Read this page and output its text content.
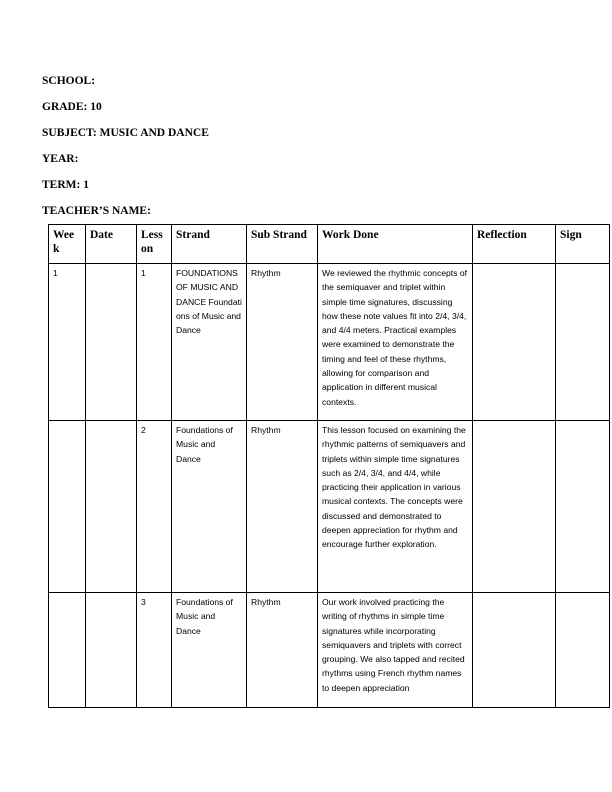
SCHOOL:
GRADE: 10
SUBJECT: MUSIC AND DANCE
YEAR:
TERM: 1
TEACHER’S NAME:
Wee k	Date	Less on	Strand	Sub Strand	Work Done	Reflection	Sign
1		1	FOUNDATIONS OF MUSIC AND DANCE Foundations of Music and Dance	Rhythm	We reviewed the rhythmic concepts of the semiquaver and triplet within simple time signatures, discussing how these note values fit into 2/4, 3/4, and 4/4 meters. Practical examples were examined to demonstrate the timing and feel of these rhythms, allowing for comparison and application in different musical contexts.		
		2	Foundations of Music and Dance	Rhythm	This lesson focused on examining the rhythmic patterns of semiquavers and triplets within simple time signatures such as 2/4, 3/4, and 4/4, while practicing their application in various musical contexts. The concepts were discussed and demonstrated to deepen appreciation for rhythm and encourage further exploration.		
		3	Foundations of Music and Dance	Rhythm	Our work involved practicing the writing of rhythms in simple time signatures while incorporating semiquavers and triplets with correct grouping. We also tapped and recited rhythms using French rhythm names to deepen appreciation		
